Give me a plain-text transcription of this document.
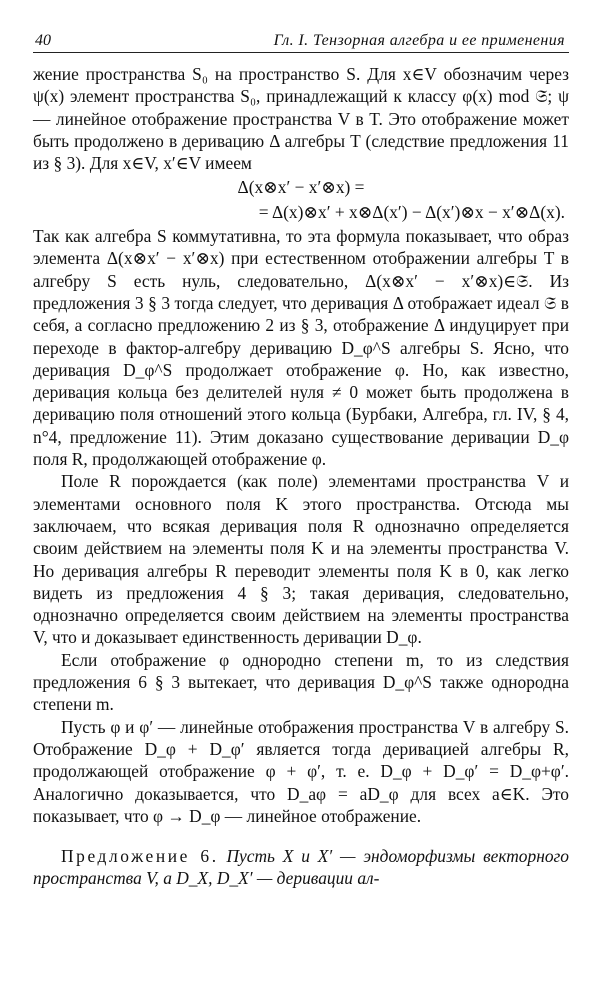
40	Гл. I. Тензорная алгебра и ее применения

жение пространства S₀ на пространство S. Для x∈V обозначим через ψ(x) элемент пространства S₀, принадлежащий к классу φ(x) mod 𝔖; ψ — линейное отображение пространства V в T. Это отображение может быть продолжено в деривацию Δ алгебры T (следствие предложения 11 из § 3). Для x∈V, x′∈V имеем

Δ(x⊗x′ − x′⊗x) =
= Δ(x)⊗x′ + x⊗Δ(x′) − Δ(x′)⊗x − x′⊗Δ(x).

Так как алгебра S коммутативна, то эта формула показывает, что образ элемента Δ(x⊗x′ − x′⊗x) при естественном отображении алгебры T в алгебру S есть нуль, следовательно, Δ(x⊗x′ − x′⊗x)∈𝔖. Из предложения 3 § 3 тогда следует, что деривация Δ отображает идеал 𝔖 в себя, а согласно предложению 2 из § 3, отображение Δ индуцирует при переходе в фактор-алгебру деривацию D_φ^S алгебры S. Ясно, что деривация D_φ^S продолжает отображение φ. Но, как известно, деривация кольца без делителей нуля ≠ 0 может быть продолжена в деривацию поля отношений этого кольца (Бурбаки, Алгебра, гл. IV, § 4, n°4, предложение 11). Этим доказано существование деривации D_φ поля R, продолжающей отображение φ.

Поле R порождается (как поле) элементами пространства V и элементами основного поля K этого пространства. Отсюда мы заключаем, что всякая деривация поля R однозначно определяется своим действием на элементы поля K и на элементы пространства V. Но деривация алгебры R переводит элементы поля K в 0, как легко видеть из предложения 4 § 3; такая деривация, следовательно, однозначно определяется своим действием на элементы пространства V, что и доказывает единственность деривации D_φ.

Если отображение φ однородно степени m, то из следствия предложения 6 § 3 вытекает, что деривация D_φ^S также однородна степени m.

Пусть φ и φ′ — линейные отображения пространства V в алгебру S. Отображение D_φ + D_φ′ является тогда деривацией алгебры R, продолжающей отображение φ + φ′, т. е. D_φ + D_φ′ = D_φ+φ′. Аналогично доказывается, что D_aφ = aD_φ для всех a∈K. Это показывает, что φ → D_φ — линейное отображение.

Предложение 6. Пусть X и X′ — эндоморфизмы векторного пространства V, а D_X, D_X′ — деривации ал-
